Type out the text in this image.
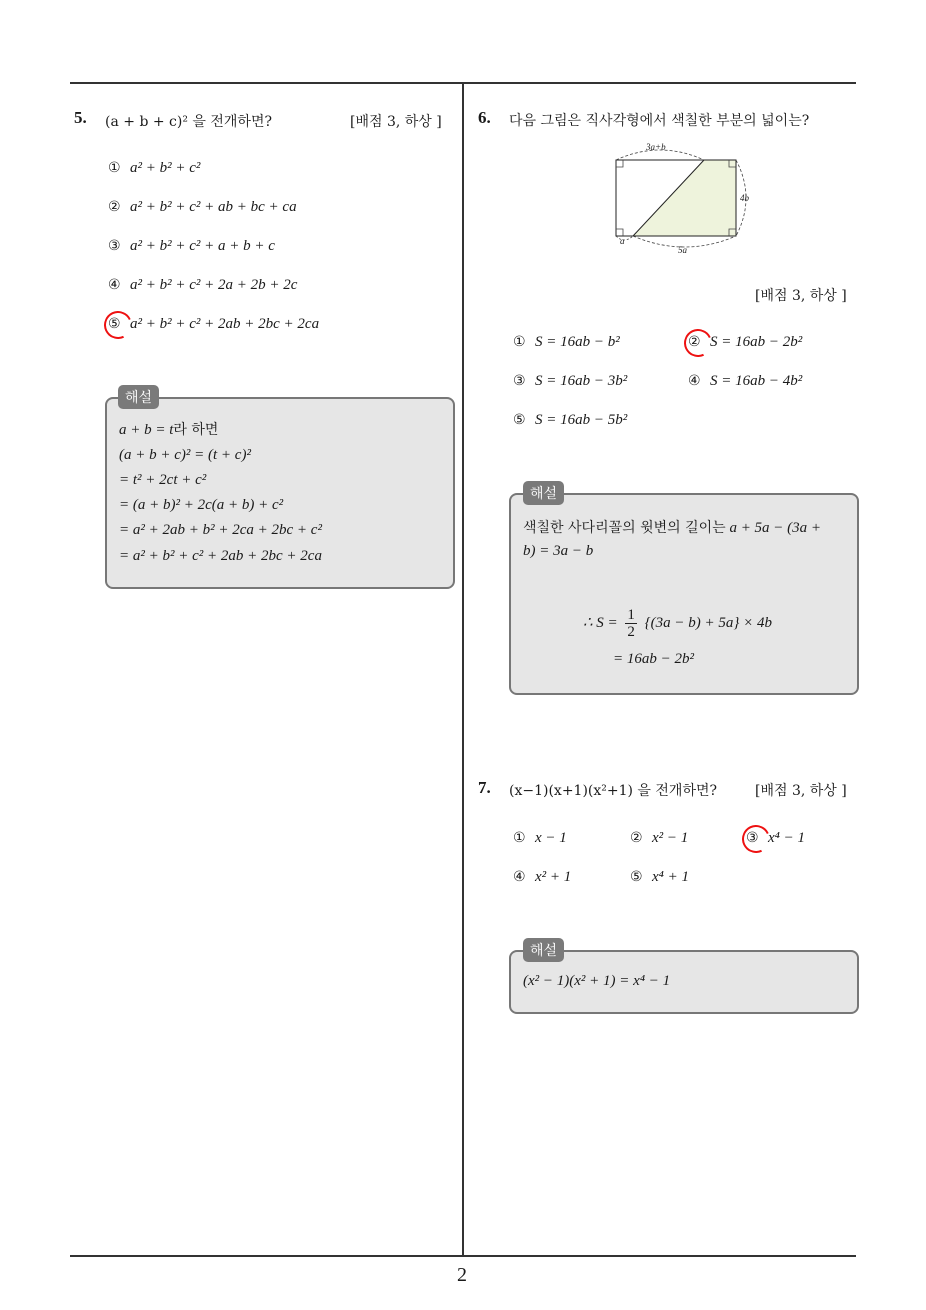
5. (a + b + c)² 을 전개하면?	[배점 3, 하상 ]
① a² + b² + c²
② a² + b² + c² + ab + bc + ca
③ a² + b² + c² + a + b + c
④ a² + b² + c² + 2a + 2b + 2c
⑤ a² + b² + c² + 2ab + 2bc + 2ca
a + b = t라 하면
(a + b + c)² = (t + c)²
= t² + 2ct + c²
= (a + b)² + 2c(a + b) + c²
= a² + 2ab + b² + 2ca + 2bc + c²
= a² + b² + c² + 2ab + 2bc + 2ca
해설
6. 다음 그림은 직사각형에서 색칠한 부분의 넓이는?
3a+b
4b
a
5a
[배점 3, 하상 ]
① S = 16ab − b²	② S = 16ab − 2b²
③ S = 16ab − 3b²	④ S = 16ab − 4b²
⑤ S = 16ab − 5b²
색칠한 사다리꼴의 윗변의 길이는 a + 5a − (3a +
b) = 3a − b
∴ $S = \frac{1}{2} \{(3a - b) + 5a\} \times 4b$
= 16ab − 2b²
해설
7. (x−1)(x+1)(x²+1) 을 전개하면?	[배점 3, 하상 ]
① x − 1	② x² − 1	③ x⁴ − 1
④ x² + 1	⑤ x⁴ + 1
(x² − 1)(x² + 1) = x⁴ − 1
해설
2
